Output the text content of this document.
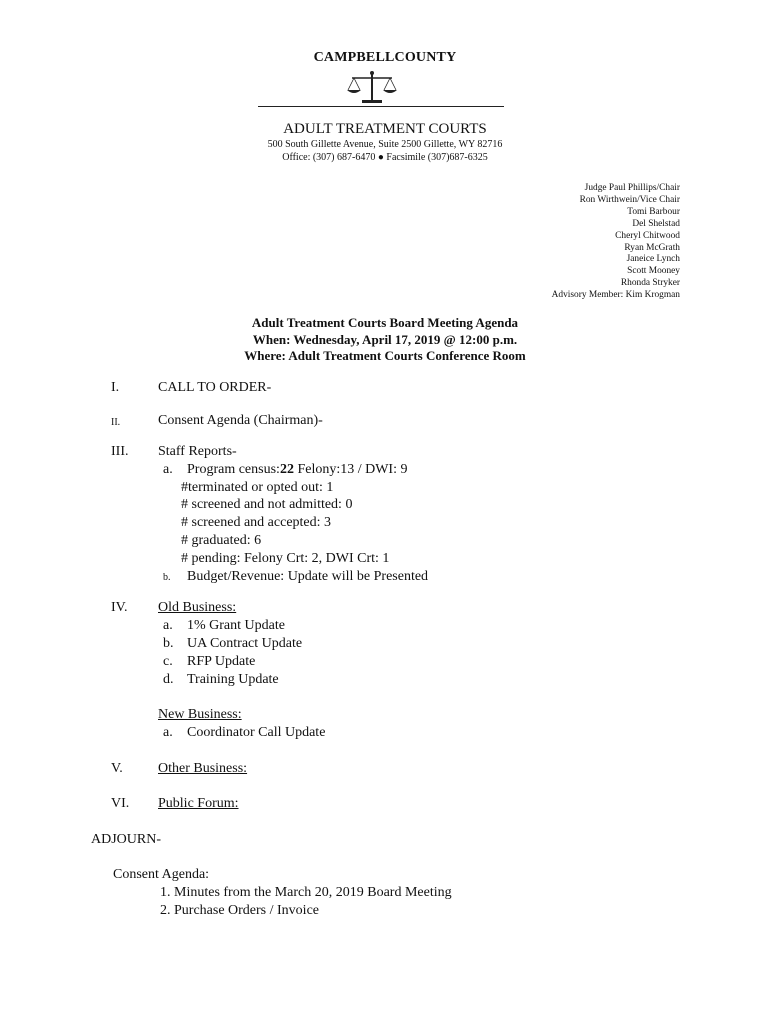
CAMPBELLCOUNTY
ADULT TREATMENT COURTS
500 South Gillette Avenue, Suite 2500 Gillette, WY 82716
Office: (307) 687-6470 ● Facsimile (307)687-6325
Judge Paul Phillips/Chair
Ron Wirthwein/Vice Chair
Tomi Barbour
Del Shelstad
Cheryl Chitwood
Ryan McGrath
Janeice Lynch
Scott Mooney
Rhonda Stryker
Advisory Member: Kim Krogman
Adult Treatment Courts Board Meeting Agenda
When: Wednesday, April 17, 2019 @ 12:00 p.m.
Where: Adult Treatment Courts Conference Room
I.	CALL TO ORDER-
II.	Consent Agenda (Chairman)-
III. Staff Reports-
a. Program census:22 Felony:13 / DWI: 9
#terminated or opted out: 1
# screened and not admitted: 0
# screened and accepted: 3
# graduated: 6
# pending: Felony Crt: 2, DWI Crt: 1
b. Budget/Revenue: Update will be Presented
IV. Old Business:
a. 1% Grant Update
b. UA Contract Update
c. RFP Update
d. Training Update
New Business:
a. Coordinator Call Update
V.	Other Business:
VI. Public Forum:
ADJOURN-
Consent Agenda:
1. Minutes from the March 20, 2019 Board Meeting
2. Purchase Orders / Invoice
